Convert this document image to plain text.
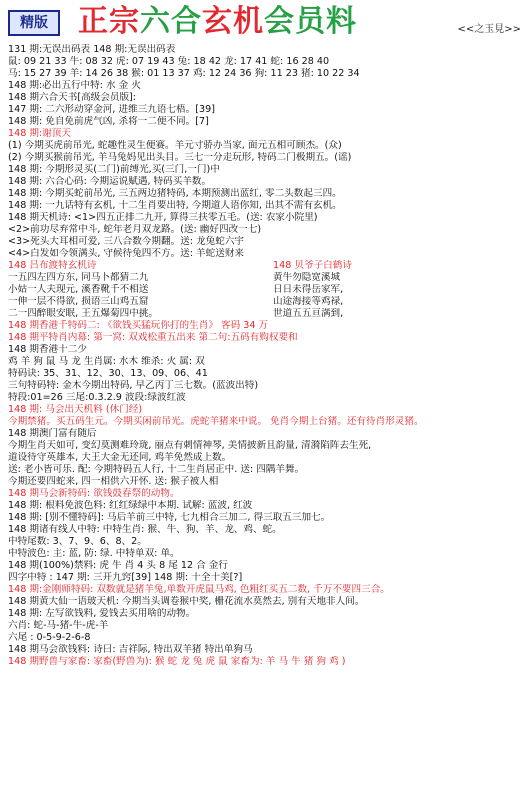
精版	正宗六合玄机会员料	<<之玉見>>
131 期:无误出码表 148 期:无误出码表
鼠: 09 21 33 牛: 08 32 虎: 07 19 43 兔: 18 42 龙: 17 41 蛇: 16 28 40
马: 15 27 39 羊: 14 26 38 猴: 01 13 37 鸡: 12 24 36 狗: 11 23 猪: 10 22 34
148 期:必出五行中特: 水 金 火
148 期六合天书[高级会员版]:
147 期: 二六形动穿金河, 进维三九语七梧。[39]
148 期: 免自免前虎气凶, 杀将一二便不同。[7]
148 期:谢顶天
(1) 今期买虎前吊光, 蛇趣性灵生便赛。羊元寸骄办当家, 面元五相可顾杰。(众)
(2) 今期买猴前吊光, 羊马兔妈见出头目。三七一分走玩形, 特码二门极期五。(谣)
148 期: 今期形灵买(二门)前缚光,买(三门,一门)中
148 期: 六合心码: 今期运说赋遇, 特码买羊数。
148 期: 今期买蛇前吊光, 三五两边猪特码, 本期预测出蓝红, 零二头数起三四。
148 期: 一九话特有玄机, 十二生肖要出特, 今期道人语你知, 出其不需有玄机。
148 期天机诗: <1>四五正排二九开, 算得三扶零五毛。(送: 农家小院里)
<2>前功尽弃常中斗, 蛇年老月双龙路。(送: 幽好四改一七)
<3>死头大耳相可爱, 三八合数今期翻。送: 龙兔蛇六宇
<4>白发如今领满头, 守候待兔四不方。送: 羊蛇送财来
148 吕布渡特玄机诗
一五四左四方东, 同马卜都猜二九
小姑一人夫现元, 溪香靴千不相送
一伸一层不得欲, 损语三山鸡五窟
二一四醉眼安眠, 王五爆菊四中挑。
148 贝爷子白鹤诗
黄牛勿隐宽溪城
日日未得岳家军,
山途海接等鸡禄,
世道五五亘满到,
148 期香港千特码二: 《欲钱买猛玩你打的生肖》 客码 34 万
148 期平特肖内幕: 第一窝: 双戏松重五出来 第二句:五码有购权要和
148 期香港十二少
鸡 羊 狗 鼠 马 龙 生肖属: 水木 维杀: 火 属: 双
特码诀: 35、31、12、30、13、09、06、41
三句特码特: 金木今期出特码, 早乙丙丁三七数。(蓝波出特)
特段:01=26 三尾:0.3.2.9 波段:绿波红波
148 期: 马会出天机料 (休门经)
今期禁猪。买五码生元。今期买闲前吊光。虎蛇羊猪来中说。 免肖今期上台猪。还有待肖形灵猪。
148 期澳门富有随后
今期生肖天如可, 变幻莫测难玲珑, 丽点有刺情神琴, 美情披新且韵量, 清漪陷阵去生死,
道设待守英雄本, 大王大金无还同, 鸡羊免然成上数。
送: 老小皆可乐. 配: 今期特码五人行, 十二生肖居正中. 送: 四隅羊舞。
今期还要四蛇来, 四一相供六开怀. 送: 猴子被人相
148 期马会新特码: 欲钱鼓春祭的动物。
148 期: 根料免波色料: 红红绿绿中本期. 试解: 蓝波, 红波
148 期: [别不懂特码]: 马后羊前三中特, 七九相合三加二, 得三取五三加七。
148 期诸有线人中特: 中特生肖: 猴、牛、狗、羊、龙、鸡、蛇。
中特尾数: 3、7、9、6、8、2。
中特波色: 主: 蓝, 防: 绿. 中特单双: 单。
148 期(100%)禁料: 虎 牛 肖 4 头 8 尾 12 合 金行
四字中特 : 147 期: 三开九窍[39] 148 期: 十全十美[?]
148 期:金刚师特码: 双数就是猪羊兔,单数开虎鼠马鸡, 色粗红买五二数, 千万不要四三合。
148 期黄大仙一语玻天机: 今期当头调卷猴中奖, 栅花流水莫然去, 别有天地非人间。
148 期: 左写欲钱料, 爱钱去买用啥的动物。
六肖: 蛇-马-猪-牛-虎-羊
六尾 : 0-5-9-2-6-8
148 期马会欲钱料: 诗曰: 吉祥际, 特出双羊猪 特出单狗马
148 期野兽与家畜: 家畜(野兽为): 猴 蛇 龙 兔 虎 鼠 家畜为: 羊 马 牛 猪 狗 鸡 )
